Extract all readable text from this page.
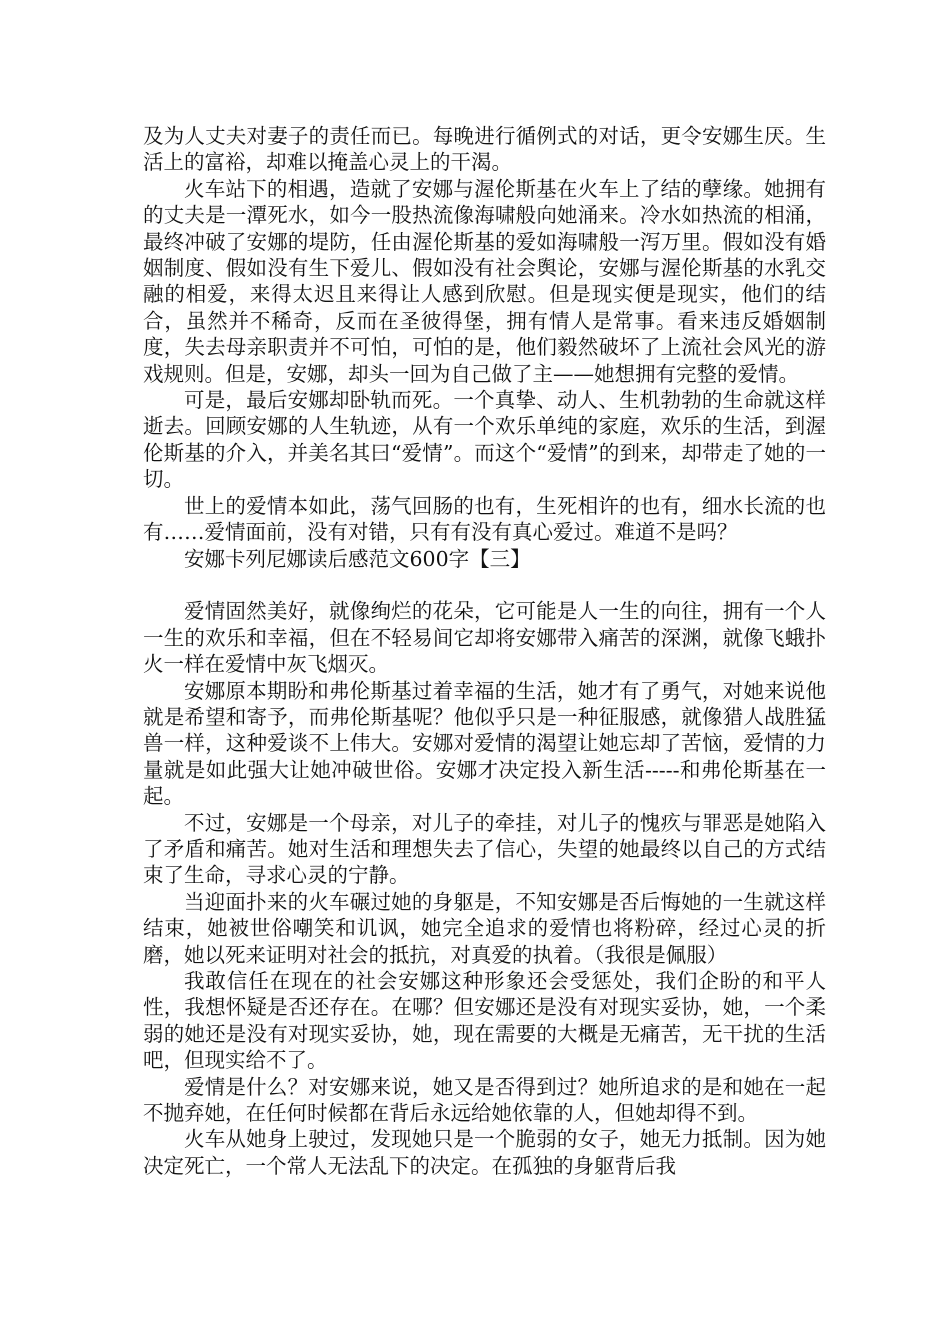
及为人丈夫对妻子的责任而已。每晚进行循例式的对话，更令安娜生厌。生活上的富裕，却难以掩盖心灵上的干渴。

火车站下的相遇，造就了安娜与渥伦斯基在火车上了结的孽缘。她拥有的丈夫是一潭死水，如今一股热流像海啸般向她涌来。冷水如热流的相涌，最终冲破了安娜的堤防，任由渥伦斯基的爱如海啸般一泻万里。假如没有婚姻制度、假如没有生下爱儿、假如没有社会舆论，安娜与渥伦斯基的水乳交融的相爱，来得太迟且来得让人感到欣慰。但是现实便是现实，他们的结合，虽然并不稀奇，反而在圣彼得堡，拥有情人是常事。看来违反婚姻制度，失去母亲职责并不可怕，可怕的是，他们毅然破坏了上流社会风光的游戏规则。但是，安娜，却头一回为自己做了主——她想拥有完整的爱情。

可是，最后安娜却卧轨而死。一个真挚、动人、生机勃勃的生命就这样逝去。回顾安娜的人生轨迹，从有一个欢乐单纯的家庭，欢乐的生活，到渥伦斯基的介入，并美名其曰“爱情”。而这个“爱情”的到来，却带走了她的一切。

世上的爱情本如此，荡气回肠的也有，生死相许的也有，细水长流的也有……爱情面前，没有对错，只有有没有真心爱过。难道不是吗？

安娜卡列尼娜读后感范文600字【三】

爱情固然美好，就像绚烂的花朵，它可能是人一生的向往，拥有一个人一生的欢乐和幸福，但在不轻易间它却将安娜带入痛苦的深渊，就像飞蛾扑火一样在爱情中灰飞烟灭。

安娜原本期盼和弗伦斯基过着幸福的生活，她才有了勇气，对她来说他就是希望和寄予，而弗伦斯基呢？他似乎只是一种征服感，就像猎人战胜猛兽一样，这种爱谈不上伟大。安娜对爱情的渴望让她忘却了苦恼，爱情的力量就是如此强大让她冲破世俗。安娜才决定投入新生活-----和弗伦斯基在一起。

不过，安娜是一个母亲，对儿子的牵挂，对儿子的愧疚与罪恶是她陷入了矛盾和痛苦。她对生活和理想失去了信心，失望的她最终以自己的方式结束了生命，寻求心灵的宁静。

当迎面扑来的火车碾过她的身躯是，不知安娜是否后悔她的一生就这样结束，她被世俗嘲笑和讥讽，她完全追求的爱情也将粉碎，经过心灵的折磨，她以死来证明对社会的抵抗，对真爱的执着。（我很是佩服）

我敢信任在现在的社会安娜这种形象还会受惩处，我们企盼的和平人性，我想怀疑是否还存在。在哪？但安娜还是没有对现实妥协，她，一个柔弱的她还是没有对现实妥协，她，现在需要的大概是无痛苦，无干扰的生活吧，但现实给不了。

爱情是什么？对安娜来说，她又是否得到过？她所追求的是和她在一起不抛弃她，在任何时候都在背后永远给她依靠的人，但她却得不到。

火车从她身上驶过，发现她只是一个脆弱的女子，她无力抵制。因为她决定死亡，一个常人无法乱下的决定。在孤独的身躯背后我
